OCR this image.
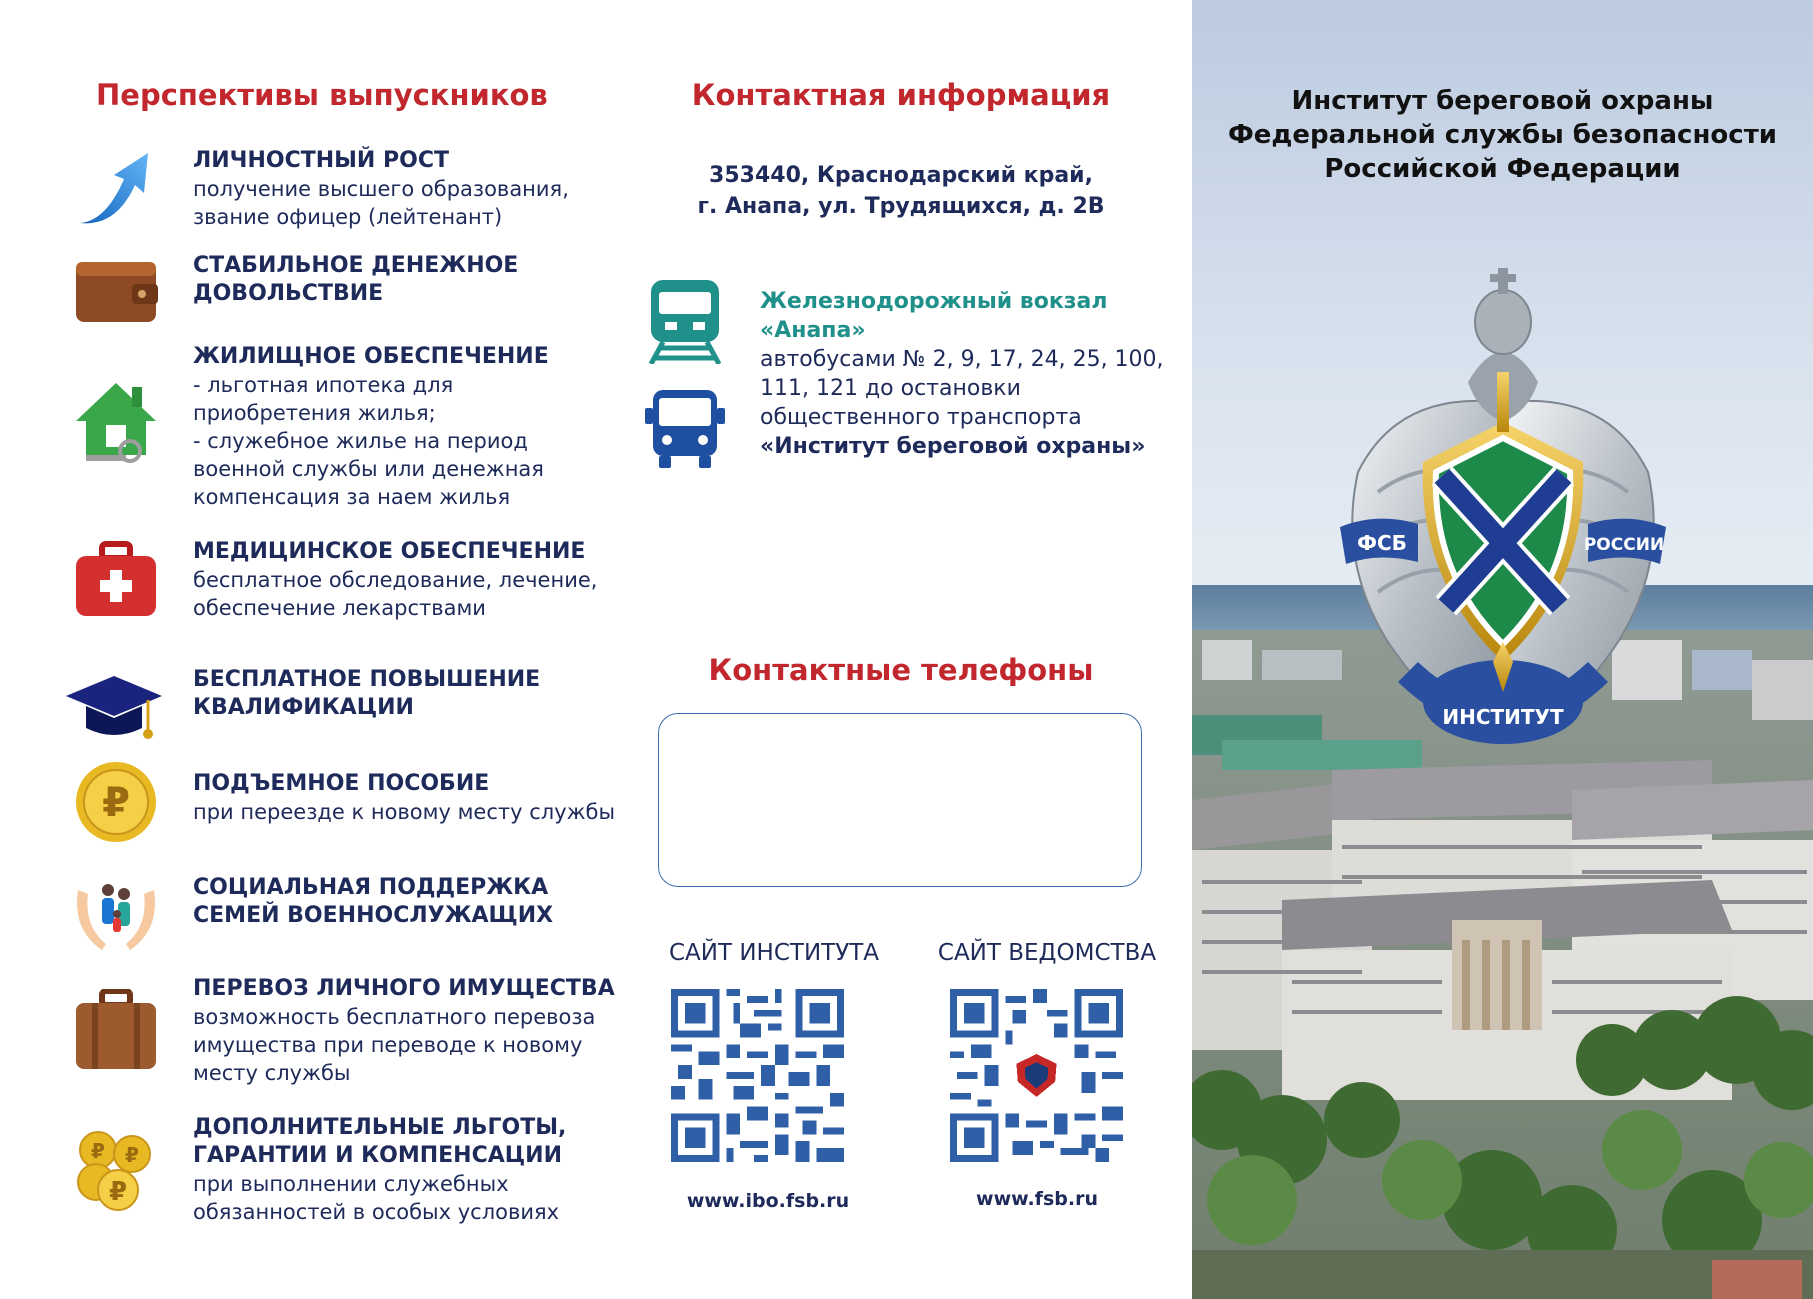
Перспективы выпускников
ЛИЧНОСТНЫЙ РОСТ
получение высшего образования,
звание офицер (лейтенант)
СТАБИЛЬНОЕ ДЕНЕЖНОЕ
ДОВОЛЬСТВИЕ
ЖИЛИЩНОЕ ОБЕСПЕЧЕНИЕ
- льготная ипотека для
приобретения жилья;
- служебное жилье на период
военной службы или денежная
компенсация за наем жилья
МЕДИЦИНСКОЕ ОБЕСПЕЧЕНИЕ
бесплатное обследование, лечение,
обеспечение лекарствами
БЕСПЛАТНОЕ ПОВЫШЕНИЕ
КВАЛИФИКАЦИИ
₽	ПОДЪЕМНОЕ ПОСОБИЕ
при переезде к новому месту службы
СОЦИАЛЬНАЯ ПОДДЕРЖКА
СЕМЕЙ ВОЕННОСЛУЖАЩИХ
ПЕРЕВОЗ ЛИЧНОГО ИМУЩЕСТВА
возможность бесплатного перевоза
имущества при переводе к новому
месту службы
₽
₽ ₽
ДОПОЛНИТЕЛЬНЫЕ ЛЬГОТЫ,
ГАРАНТИИ И КОМПЕНСАЦИИ
при выполнении служебных
обязанностей в особых условиях
Контактная информация
353440, Краснодарский край,
г. Анапа, ул. Трудящихся, д. 2В
Железнодорожный вокзал
«Анапа»
автобусами № 2, 9, 17, 24, 25, 100,
111, 121 до остановки
общественного транспорта
«Институт береговой охраны»
Контактные телефоны
САЙТ ИНСТИТУТА
www.ibo.fsb.ru
САЙТ ВЕДОМСТВА
www.fsb.ru
Институт береговой охраны
Федеральной службы безопасности
Российской Федерации
ФСБ	РОССИИ
ИНСТИТУТ
